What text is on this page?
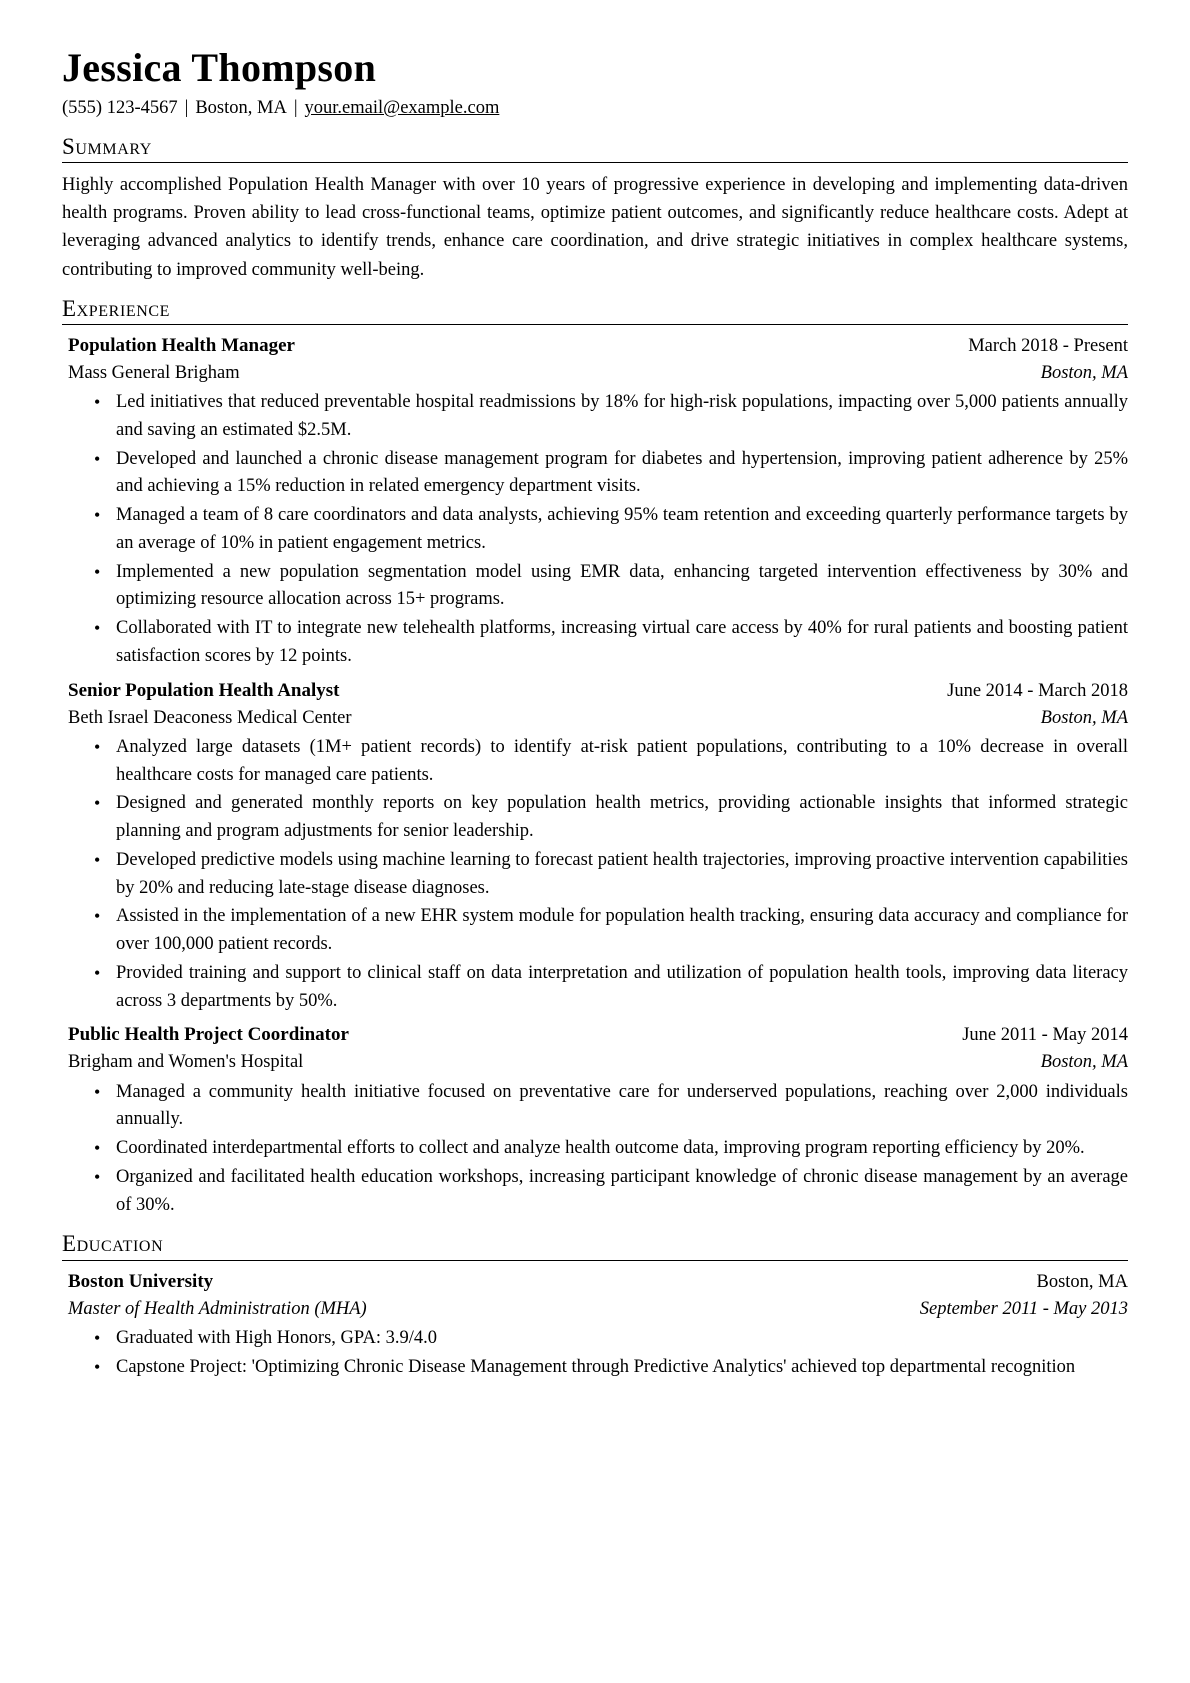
Jessica Thompson
(555) 123-4567 | Boston, MA | your.email@example.com
Summary
Highly accomplished Population Health Manager with over 10 years of progressive experience in developing and implementing data-driven health programs. Proven ability to lead cross-functional teams, optimize patient outcomes, and significantly reduce healthcare costs. Adept at leveraging advanced analytics to identify trends, enhance care coordination, and drive strategic initiatives in complex healthcare systems, contributing to improved community well-being.
Experience
Population Health Manager	March 2018 - Present
Mass General Brigham	Boston, MA
• Led initiatives that reduced preventable hospital readmissions by 18% for high-risk populations, impacting over 5,000 patients annually and saving an estimated $2.5M.
• Developed and launched a chronic disease management program for diabetes and hypertension, improving patient adherence by 25% and achieving a 15% reduction in related emergency department visits.
• Managed a team of 8 care coordinators and data analysts, achieving 95% team retention and exceeding quarterly performance targets by an average of 10% in patient engagement metrics.
• Implemented a new population segmentation model using EMR data, enhancing targeted intervention effectiveness by 30% and optimizing resource allocation across 15+ programs.
• Collaborated with IT to integrate new telehealth platforms, increasing virtual care access by 40% for rural patients and boosting patient satisfaction scores by 12 points.
Senior Population Health Analyst	June 2014 - March 2018
Beth Israel Deaconess Medical Center	Boston, MA
• Analyzed large datasets (1M+ patient records) to identify at-risk patient populations, contributing to a 10% decrease in overall healthcare costs for managed care patients.
• Designed and generated monthly reports on key population health metrics, providing actionable insights that informed strategic planning and program adjustments for senior leadership.
• Developed predictive models using machine learning to forecast patient health trajectories, improving proactive intervention capabilities by 20% and reducing late-stage disease diagnoses.
• Assisted in the implementation of a new EHR system module for population health tracking, ensuring data accuracy and compliance for over 100,000 patient records.
• Provided training and support to clinical staff on data interpretation and utilization of population health tools, improving data literacy across 3 departments by 50%.
Public Health Project Coordinator	June 2011 - May 2014
Brigham and Women's Hospital	Boston, MA
• Managed a community health initiative focused on preventative care for underserved populations, reaching over 2,000 individuals annually.
• Coordinated interdepartmental efforts to collect and analyze health outcome data, improving program reporting efficiency by 20%.
• Organized and facilitated health education workshops, increasing participant knowledge of chronic disease management by an average of 30%.
Education
Boston University	Boston, MA
Master of Health Administration (MHA)	September 2011 - May 2013
• Graduated with High Honors, GPA: 3.9/4.0
• Capstone Project: 'Optimizing Chronic Disease Management through Predictive Analytics' achieved top departmental recognition
